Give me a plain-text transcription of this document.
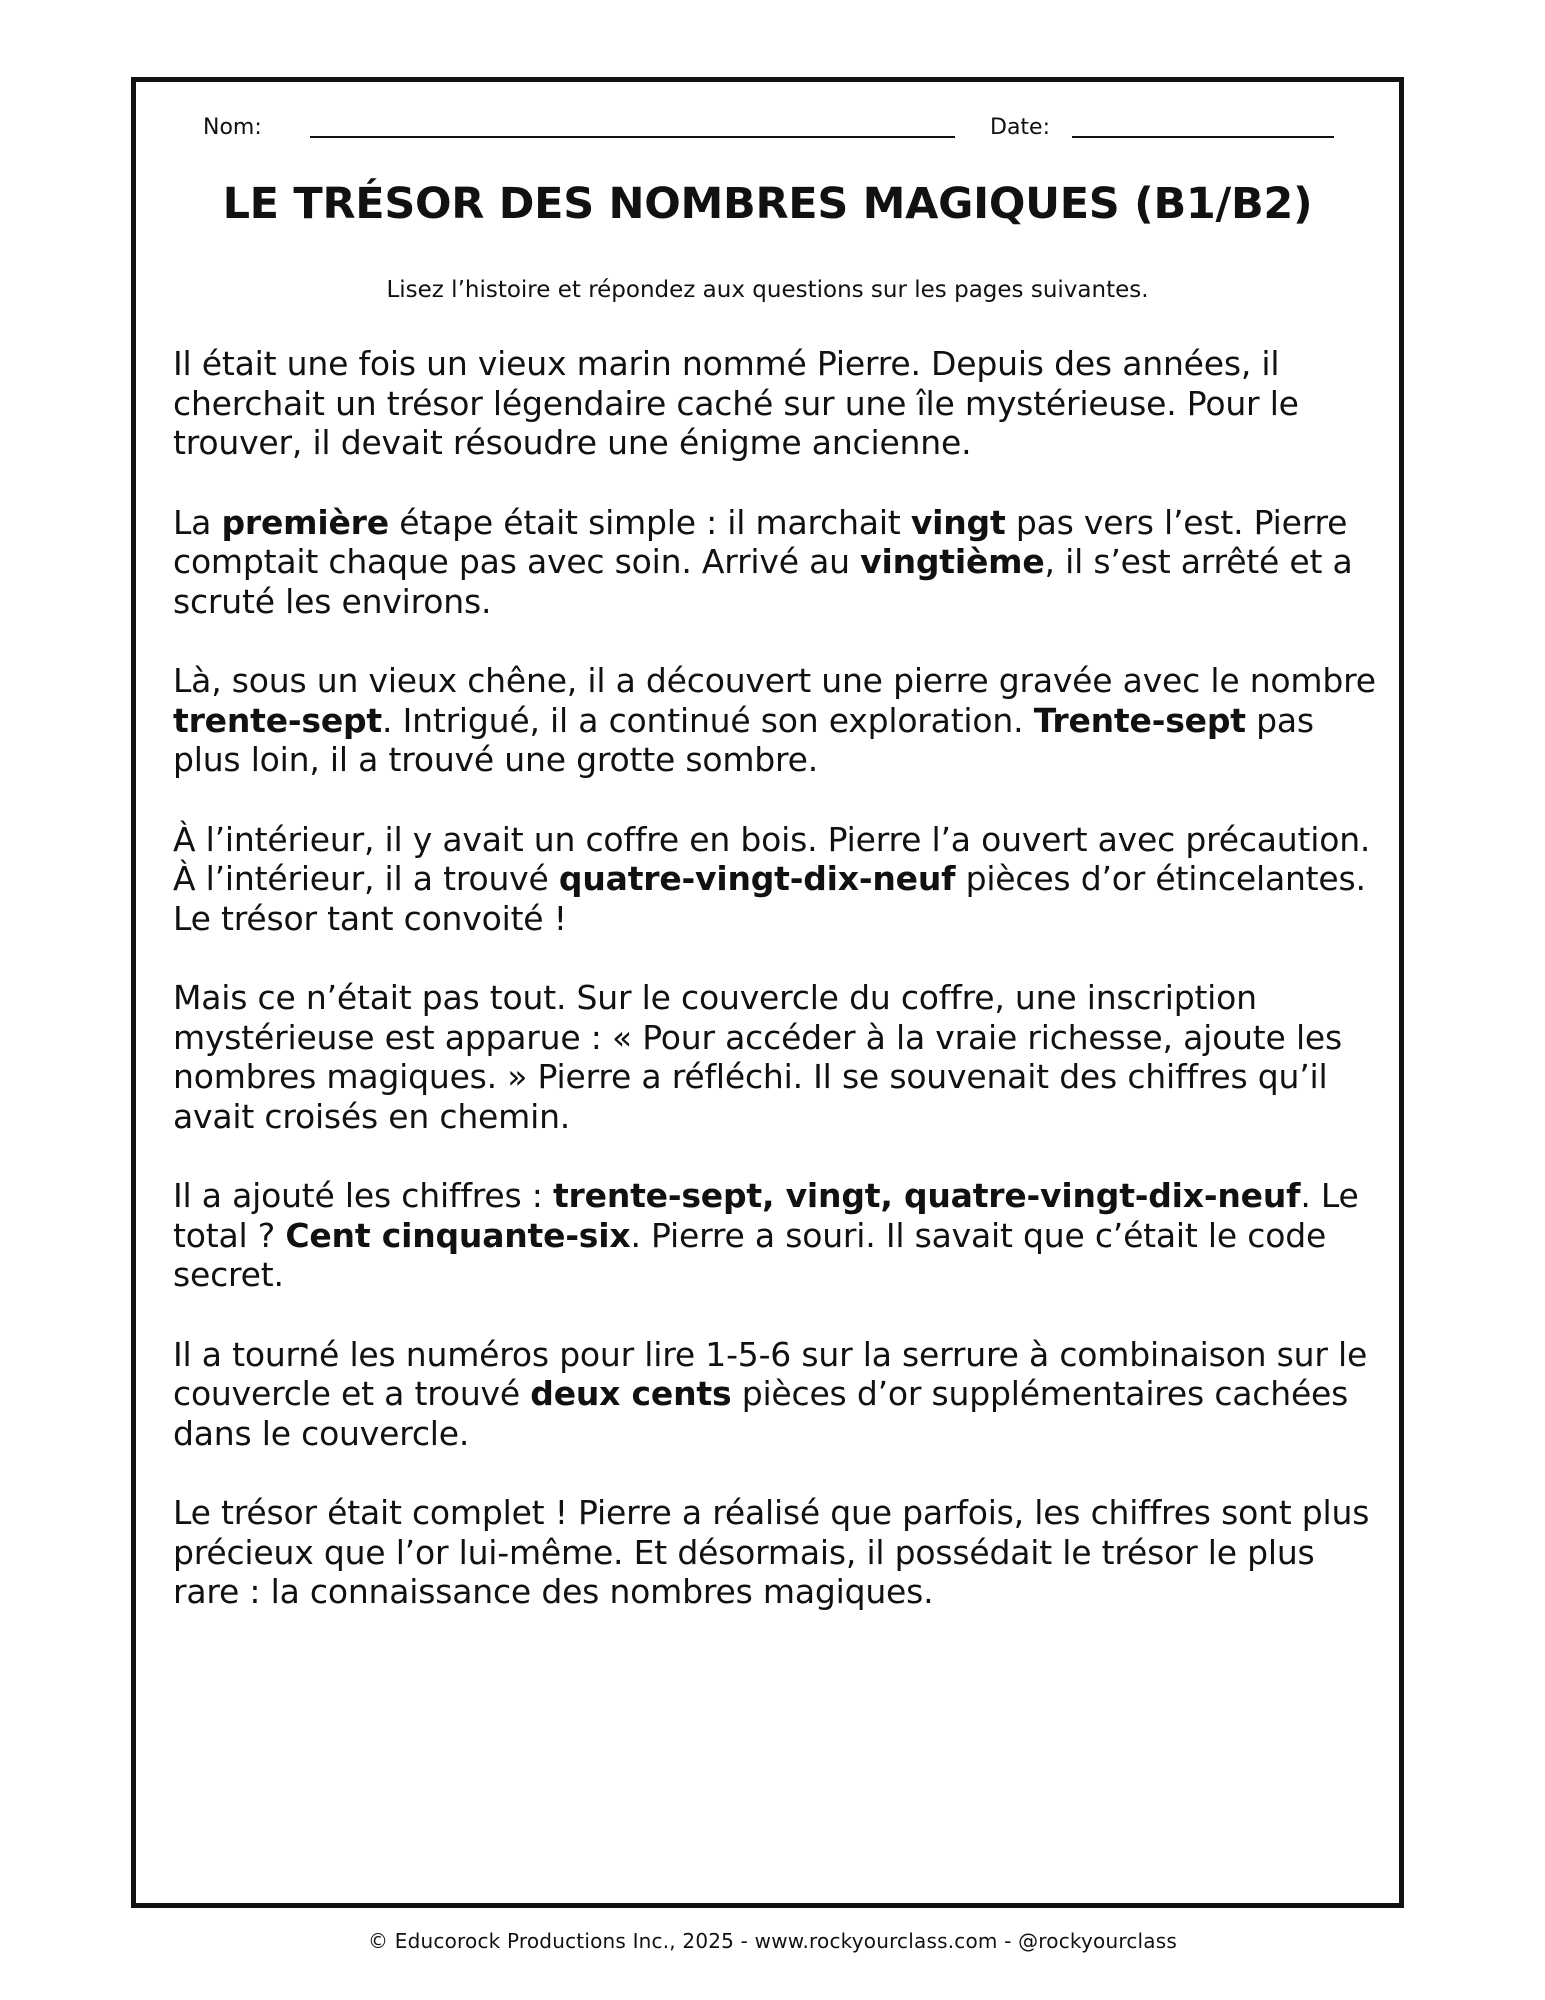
Nom:	Date:
LE TRÉSOR DES NOMBRES MAGIQUES (B1/B2)

Lisez l’histoire et répondez aux questions sur les pages suivantes.

Il était une fois un vieux marin nommé Pierre. Depuis des années, il cherchait un trésor légendaire caché sur une île mystérieuse. Pour le trouver, il devait résoudre une énigme ancienne.

La première étape était simple : il marchait vingt pas vers l’est. Pierre comptait chaque pas avec soin. Arrivé au vingtième, il s’est arrêté et a scruté les environs.

Là, sous un vieux chêne, il a découvert une pierre gravée avec le nombre trente-sept. Intrigué, il a continué son exploration. Trente-sept pas plus loin, il a trouvé une grotte sombre.

À l’intérieur, il y avait un coffre en bois. Pierre l’a ouvert avec précaution. À l’intérieur, il a trouvé quatre-vingt-dix-neuf pièces d’or étincelantes. Le trésor tant convoité !

Mais ce n’était pas tout. Sur le couvercle du coffre, une inscription mystérieuse est apparue : « Pour accéder à la vraie richesse, ajoute les nombres magiques. » Pierre a réfléchi. Il se souvenait des chiffres qu’il avait croisés en chemin.

Il a ajouté les chiffres : trente-sept, vingt, quatre-vingt-dix-neuf. Le total ? Cent cinquante-six. Pierre a souri. Il savait que c’était le code secret.

Il a tourné les numéros pour lire 1-5-6 sur la serrure à combinaison sur le couvercle et a trouvé deux cents pièces d’or supplémentaires cachées dans le couvercle.

Le trésor était complet ! Pierre a réalisé que parfois, les chiffres sont plus précieux que l’or lui-même. Et désormais, il possédait le trésor le plus rare : la connaissance des nombres magiques.

© Educorock Productions Inc., 2025 - www.rockyourclass.com - @rockyourclass
